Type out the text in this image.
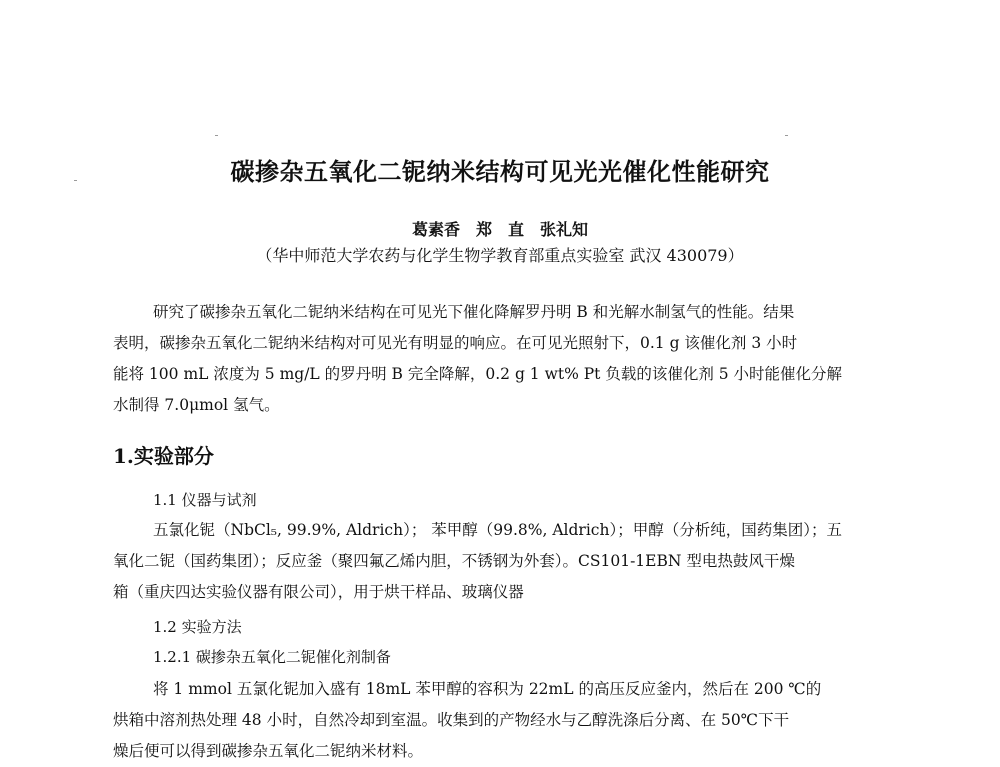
碳掺杂五氧化二铌纳米结构可见光光催化性能研究
葛素香　郑　直　张礼知
（华中师范大学农药与化学生物学教育部重点实验室 武汉 430079）

研究了碳掺杂五氧化二铌纳米结构在可见光下催化降解罗丹明 B 和光解水制氢气的性能。结果

表明，碳掺杂五氧化二铌纳米结构对可见光有明显的响应。在可见光照射下，0.1 g 该催化剂 3 小时

能将 100 mL 浓度为 5 mg/L 的罗丹明 B 完全降解，0.2 g 1 wt% Pt 负载的该催化剂 5 小时能催化分解

水制得 7.0μmol 氢气。

1.实验部分
1.1 仪器与试剂

五氯化铌（NbCl₅, 99.9%, Aldrich）； 苯甲醇（99.8%, Aldrich）；甲醇（分析纯，国药集团）；五

氧化二铌（国药集团）；反应釜（聚四氟乙烯内胆，不锈钢为外套）。CS101-1EBN 型电热鼓风干燥

箱（重庆四达实验仪器有限公司），用于烘干样品、玻璃仪器

1.2 实验方法
1.2.1 碳掺杂五氧化二铌催化剂制备

将 1 mmol 五氯化铌加入盛有 18mL 苯甲醇的容积为 22mL 的高压反应釜内，然后在 200 ℃的

烘箱中溶剂热处理 48 小时，自然冷却到室温。收集到的产物经水与乙醇洗涤后分离、在 50℃下干

燥后便可以得到碳掺杂五氧化二铌纳米材料。
